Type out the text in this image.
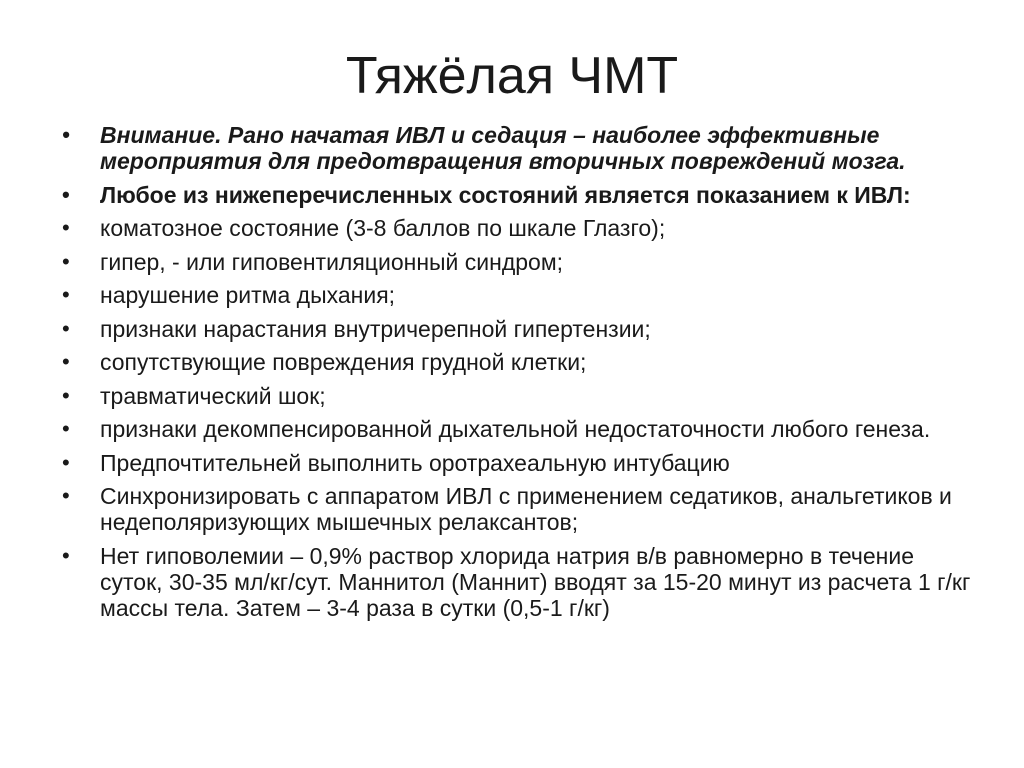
Тяжёлая ЧМТ
•	Внимание. Рано начатая ИВЛ и седация – наиболее эффективные мероприятия для предотвращения вторичных повреждений мозга.
•	Любое из нижеперечисленных состояний является показанием к ИВЛ:
•	коматозное состояние (3-8 баллов по шкале Глазго);
•	гипер, - или гиповентиляционный синдром;
•	нарушение ритма дыхания;
•	признаки нарастания внутричерепной гипертензии;
•	сопутствующие повреждения грудной клетки;
•	травматический шок;
•	признаки декомпенсированной дыхательной недостаточности любого генеза.
•	Предпочтительней выполнить оротрахеальную интубацию
•	Синхронизировать с аппаратом ИВЛ с применением седатиков, анальгетиков и недеполяризующих мышечных релаксантов;
•	Нет гиповолемии – 0,9% раствор хлорида натрия в/в равномерно в течение суток, 30-35 мл/кг/сут. Маннитол (Маннит) вводят за 15-20 минут из расчета 1 г/кг массы тела. Затем – 3-4 раза в сутки (0,5-1 г/кг)
